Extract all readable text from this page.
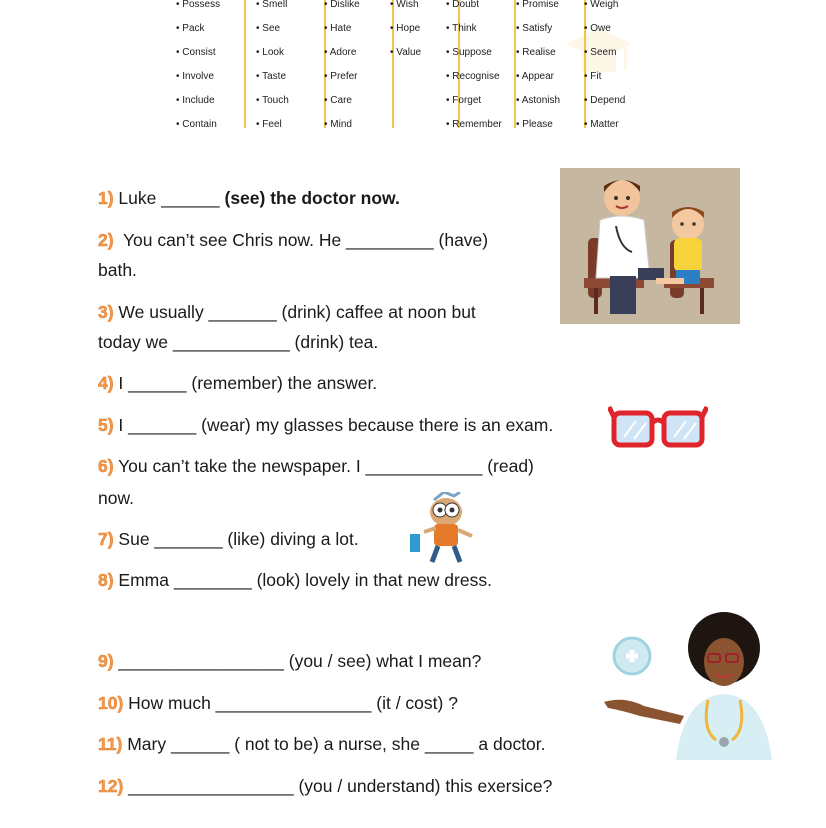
• Possess
• Pack
• Consist
• Involve
• Include
• Contain
• Smell
• See
• Look
• Taste
• Touch
• Feel
• Dislike
• Hate
• Adore
• Prefer
• Care
• Mind
• Wish
• Hope
• Value
• Doubt
• Think
• Suppose
• Recognise
• Forget
• Remember
• Promise
• Satisfy
• Realise
• Appear
• Astonish
• Please
• Weigh
• Owe
• Seem
• Fit
• Depend
• Matter
1) Luke ______ (see) the doctor now.
2)  You can’t see Chris now. He _________ (have)
bath.
3) We usually _______ (drink) caffee at noon but
today we ____________ (drink) tea.
4) I ______ (remember) the answer.
5) I _______ (wear) my glasses because there is an exam.
6) You can’t take the newspaper. I ____________ (read)
now.
7) Sue _______ (like) diving a lot.
8) Emma ________ (look) lovely in that new dress.
9) _________________ (you / see) what I mean?
10) How much ________________ (it / cost) ?
11) Mary ______ ( not to be) a nurse, she _____ a doctor.
12) _________________ (you / understand) this exersice?
